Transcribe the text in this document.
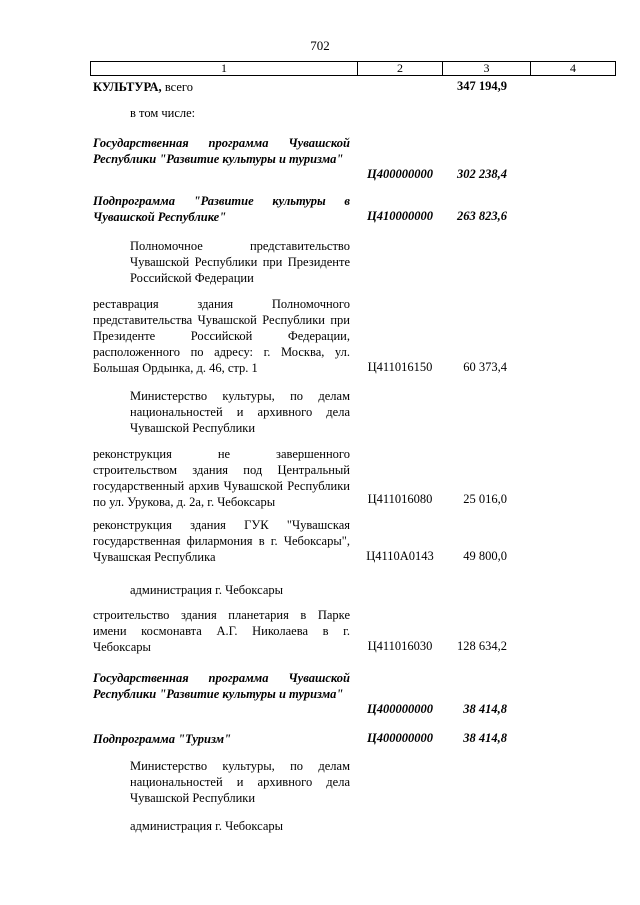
702
1	2	3	4
КУЛЬТУРА, всего	347 194,9
в том числе:
Государственная программа Чувашской Республики "Развитие культуры и туризма"
Ц400000000	302 238,4
Подпрограмма "Развитие культуры в Чувашской Республике"	Ц410000000	263 823,6
Полномочное представительство Чувашской Республики при Президенте Российской Федерации
реставрация здания Полномочного представительства Чувашской Республики при Президенте Российской Федерации, расположенного по адресу: г. Москва, ул. Большая Ордынка, д. 46, стр. 1	Ц411016150	60 373,4
Министерство культуры, по делам национальностей и архивного дела Чувашской Республики
реконструкция не завершенного строительством здания под Центральный государственный архив Чувашской Республики по ул. Урукова, д. 2а, г. Чебоксары	Ц411016080	25 016,0
реконструкция здания ГУК "Чувашская государственная филармония в г. Чебоксары", Чувашская Республика	Ц4110А0143	49 800,0
администрация г. Чебоксары
строительство здания планетария в Парке имени космонавта А.Г. Николаева в г. Чебоксары	Ц411016030	128 634,2
Государственная программа Чувашской Республики "Развитие культуры и туризма"
Ц400000000	38 414,8
Подпрограмма "Туризм"	Ц400000000	38 414,8
Министерство культуры, по делам национальностей и архивного дела Чувашской Республики
администрация г. Чебоксары
